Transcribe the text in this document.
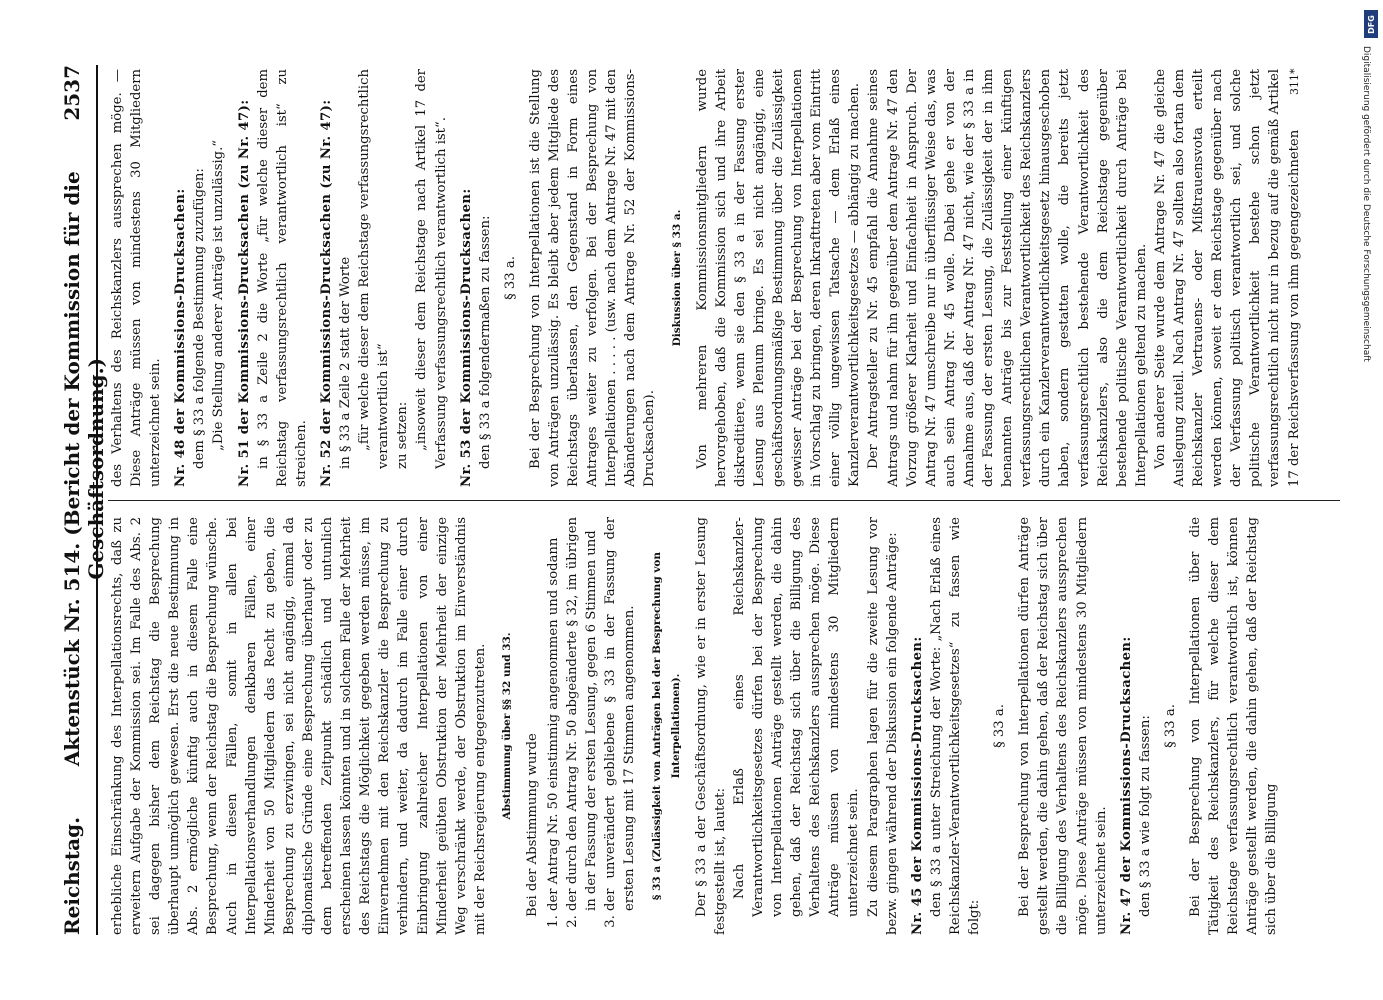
Reichstag.
Aktenstück Nr. 514. (Bericht der Kommission für die Geschäftsordnung.)
2537

erhebliche Einschränkung des Interpellationsrechts, daß zu erweitern Aufgabe der Kommission sei. Im Falle des Abs. 2 sei dagegen bisher dem Reichstag die Besprechung überhaupt unmöglich gewesen. Erst die neue Bestimmung in Abs. 2 ermögliche künftig auch in diesem Falle eine Besprechung, wenn der Reichstag die Besprechung wünsche. Auch in diesen Fällen, somit in allen bei Interpellationsverhandlungen denkbaren Fällen, einer Minderheit von 50 Mitgliedern das Recht zu geben, die Besprechung zu erzwingen, sei nicht angängig, einmal da diplomatische Gründe eine Besprechung überhaupt oder zu dem betreffenden Zeitpunkt schädlich und untunlich erscheinen lassen könnten und in solchem Falle der Mehrheit des Reichstags die Möglichkeit gegeben werden müsse, im Einvernehmen mit den Reichskanzler die Besprechung zu verhindern, und weiter, da dadurch im Falle einer durch Einbringung zahlreicher Interpellationen von einer Minderheit geübten Obstruktion der Mehrheit der einzige Weg verschränkt werde, der Obstruktion im Einverständnis mit der Reichsregierung entgegenzutreten. Abstimmung über §§ 32 und 33.

Bei der Abstimmung wurde 1. der Antrag Nr. 50 einstimmig angenommen und sodann 2. der durch den Antrag Nr. 50 abgeänderte § 32, im übrigen in der Fassung der ersten Lesung, gegen 6 Stimmen und 3. der unverändert gebliebene § 33 in der Fassung der ersten Lesung mit 17 Stimmen angenommen. § 33 a (Zulässigkeit von Anträgen bei der Besprechung von Interpellationen). Der § 33 a der Geschäftsordnung, wie er in erster Lesung festgestellt ist, lautet: Nach Erlaß eines Reichskanzler-Verantwortlichkeitsgesetzes dürfen bei der Besprechung von Interpellationen Anträge gestellt werden, die dahin gehen, daß der Reichstag sich über die Billigung des Verhaltens des Reichskanzlers aussprechen möge. Diese Anträge müssen von mindestens 30 Mitgliedern unterzeichnet sein. Zu diesem Paragraphen lagen für die zweite Lesung vor bezw. gingen während der Diskussion ein folgende Anträge: Nr. 45 der Kommissions-Drucksachen: den § 33 a unter Streichung der Worte: „Nach Erlaß eines Reichskanzler-Verantwortlichkeitsgesetzes“ zu fassen wie folgt:

§ 33 a. Bei der Besprechung von Interpellationen dürfen Anträge gestellt werden, die dahin gehen, daß der Reichstag sich über die Billigung des Verhaltens des Reichskanzlers aussprechen möge. Diese Anträge müssen von mindestens 30 Mitgliedern unterzeichnet sein. Nr. 47 der Kommissions-Drucksachen: den § 33 a wie folgt zu fassen: § 33 a. Bei der Besprechung von Interpellationen über die Tätigkeit des Reichskanzlers, für welche dieser dem Reichstage verfassungsrechtlich verantwortlich ist, können Anträge gestellt werden, die dahin gehen, daß der Reichstag sich über die Billigung

des Verhaltens des Reichskanzlers aussprechen möge. — Diese Anträge müssen von mindestens 30 Mitgliedern unterzeichnet sein. Nr. 48 der Kommissions-Drucksachen: dem § 33 a folgende Bestimmung zuzufügen: „Die Stellung anderer Anträge ist unzulässig.“ Nr. 51 der Kommissions-Drucksachen (zu Nr. 47): in § 33 a Zeile 2 die Worte „für welche dieser dem Reichstag verfassungsrechtlich verantwortlich ist“ zu streichen. Nr. 52 der Kommissions-Drucksachen (zu Nr. 47): in § 33 a Zeile 2 statt der Worte „für welche dieser dem Reichstage verfassungsrechtlich verantwortlich ist“ zu setzen: „insoweit dieser dem Reichstage nach Artikel 17 der Verfassung verfassungsrechtlich verantwortlich ist“. Nr. 53 der Kommissions-Drucksachen: den § 33 a folgendermaßen zu fassen: § 33 a. Bei der Besprechung von Interpellationen ist die Stellung von Anträgen unzulässig. Es bleibt aber jedem Mitgliede des Reichstags überlassen, den Gegenstand in Form eines Antrages weiter zu verfolgen. Bei der Besprechung von Interpellationen . . . . . (usw. nach dem Antrage Nr. 47 mit den Abänderungen nach dem Antrage Nr. 52 der Kommissions-Drucksachen).

Diskussion über § 33 a. Von mehreren Kommissionsmitgliedern wurde hervorgehoben, daß die Kommission sich und ihre Arbeit diskreditiere, wenn sie den § 33 a in der Fassung erster Lesung aus Plenum bringe. Es sei nicht angängig, eine geschäftsordnungsmäßige Bestimmung über die Zulässigkeit gewisser Anträge bei der Besprechung von Interpellationen in Vorschlag zu bringen, deren Inkrafttreten aber vom Eintritt einer völlig ungewissen Tatsache — dem Erlaß eines Kanzlerverantwortlichkeitsgesetzes — abhängig zu machen. Der Antragsteller zu Nr. 45 empfahl die Annahme seines Antrags und nahm für ihn gegenüber dem Antrage Nr. 47 den Vorzug größerer Klarheit und Einfachheit in Anspruch. Der Antrag Nr. 47 umschreibe nur in überflüssiger Weise das, was auch sein Antrag Nr. 45 wolle. Dabei gehe er von der Annahme aus, daß der Antrag Nr. 47 nicht, wie der § 33 a in der Fassung der ersten Lesung, die Zulässigkeit der in ihm benannten Anträge bis zur Feststellung einer künftigen verfassungsrechtlichen Verantwortlichkeit des Reichskanzlers durch ein Kanzlerverantwortlichkeitsgesetz hinausgeschoben haben, sondern gestatten wolle, die bereits jetzt verfassungsrechtlich bestehende Verantwortlichkeit des Reichskanzlers, also die dem Reichstage gegenüber bestehende politische Verantwortlichkeit durch Anträge bei Interpellationen geltend zu machen. Von anderer Seite wurde dem Antrage Nr. 47 die gleiche Auslegung zuteil. Nach Antrag Nr. 47 sollten also fortan dem Reichskanzler Vertrauens- oder Mißtrauensvota erteilt werden können, soweit er dem Reichstage gegenüber nach der Verfassung politisch verantwortlich sei, und solche politische Verantwortlichkeit bestehe schon jetzt verfassungsrechtlich nicht nur in bezug auf die gemäß Artikel 17 der Reichsverfassung von ihm gegengezeichneten

311*
DFG
Digitalisierung gefördert durch die Deutsche Forschungsgemeinschaft
